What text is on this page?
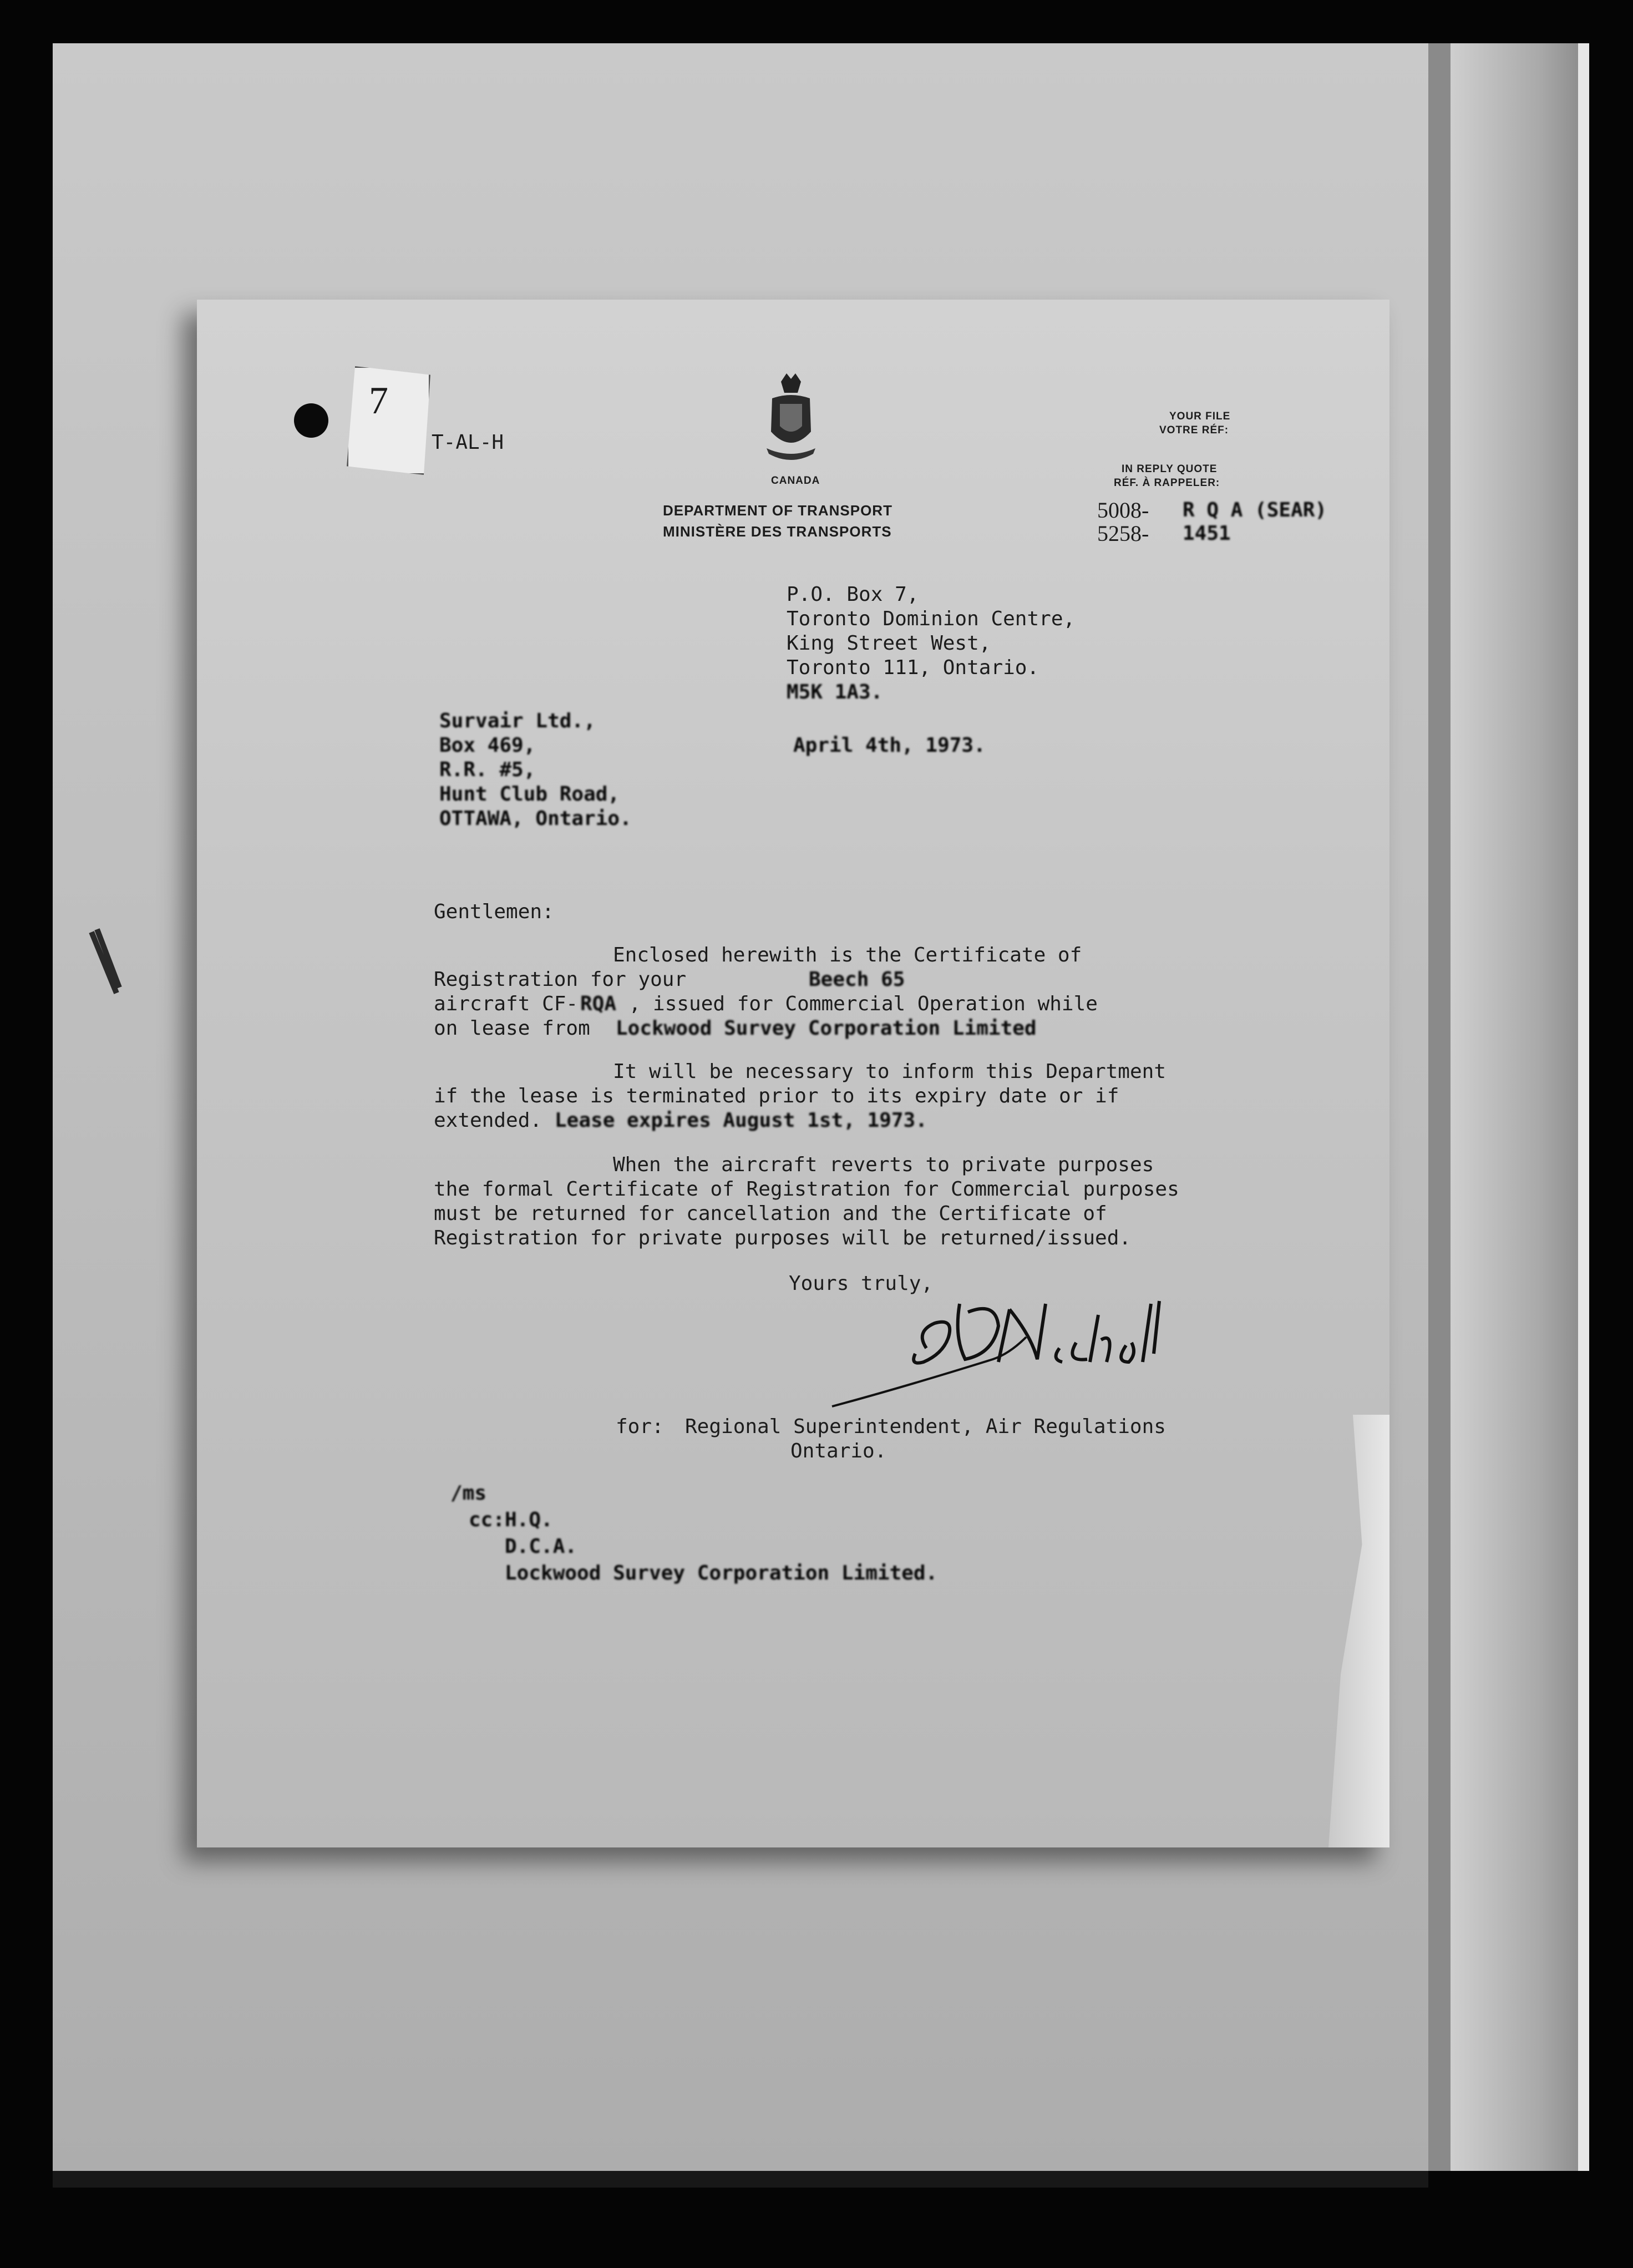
7
T-AL-H
CANADA
DEPARTMENT OF TRANSPORT
MINISTÈRE DES TRANSPORTS
YOUR FILE
VOTRE RÉF:
IN REPLY QUOTE
RÉF. À RAPPELER:
5008- R Q A (SEAR)
5258- 1451
P.O. Box 7,
Toronto Dominion Centre,
King Street West,
Toronto 111, Ontario.
M5K 1A3.
April 4th, 1973.
Survair Ltd.,
Box 469,
R.R. #5,
Hunt Club Road,
OTTAWA, Ontario.
Gentlemen:
Enclosed herewith is the Certificate of
Registration for your	Beech 65
aircraft CF- RQA , issued for Commercial Operation while
on lease from Lockwood Survey Corporation Limited
It will be necessary to inform this Department
if the lease is terminated prior to its expiry date or if
extended. Lease expires August 1st, 1973.
When the aircraft reverts to private purposes
the formal Certificate of Registration for Commercial purposes
must be returned for cancellation and the Certificate of
Registration for private purposes will be returned/issued.
Yours truly,
for: Regional Superintendent, Air Regulations
Ontario.
/ms
cc: H.Q.
D.C.A.
Lockwood Survey Corporation Limited.
